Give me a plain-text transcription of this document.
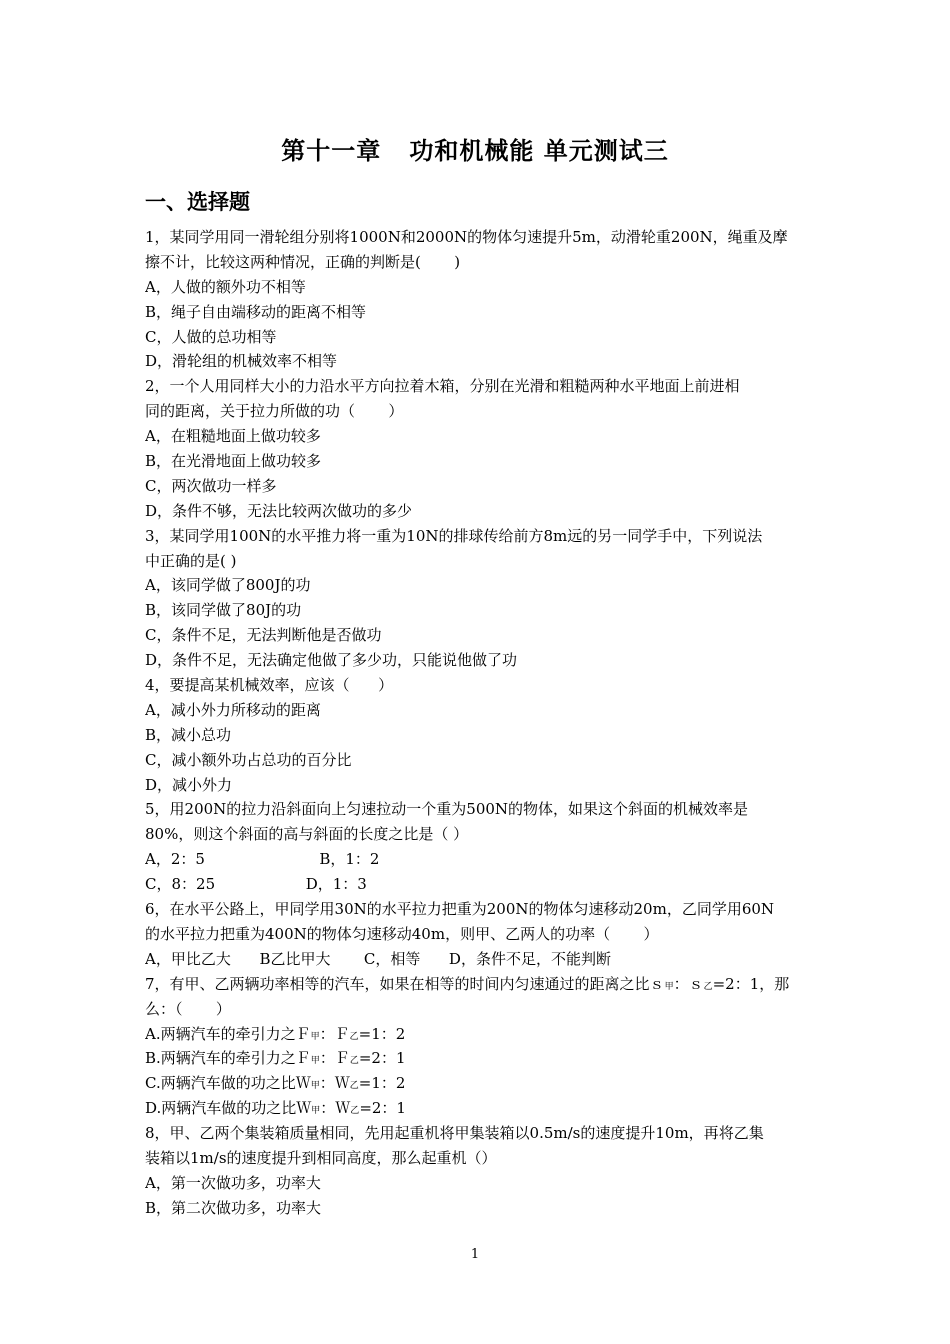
第十一章   功和机械能 单元测试三
一、选择题
1，某同学用同一滑轮组分别将1000N和2000N的物体匀速提升5m，动滑轮重200N，绳重及摩
擦不计，比较这两种情况，正确的判断是(       )
A，人做的额外功不相等
B，绳子自由端移动的距离不相等
C，人做的总功相等
D，滑轮组的机械效率不相等
2，一个人用同样大小的力沿水平方向拉着木箱，分别在光滑和粗糙两种水平地面上前进相
同的距离，关于拉力所做的功（       ）
A，在粗糙地面上做功较多
B，在光滑地面上做功较多
C，两次做功一样多
D，条件不够，无法比较两次做功的多少
3，某同学用100N的水平推力将一重为10N的排球传给前方8m远的另一同学手中，下列说法
中正确的是( )
A，该同学做了800J的功
B，该同学做了80J的功
C，条件不足，无法判断他是否做功
D，条件不足，无法确定他做了多少功，只能说他做了功
4，要提高某机械效率，应该（      ）
A，减小外力所移动的距离
B，减小总功
C，减小额外功占总功的百分比
D，减小外力
5，用200N的拉力沿斜面向上匀速拉动一个重为500N的物体，如果这个斜面的机械效率是
80%，则这个斜面的高与斜面的长度之比是（ ）
A，2：5                        B，1：2
C，8：25                   D，1：3
6，在水平公路上，甲同学用30N的水平拉力把重为200N的物体匀速移动20m，乙同学用60N
的水平拉力把重为400N的物体匀速移动40m，则甲、乙两人的功率（       ）
A，甲比乙大      B乙比甲大       C，相等      D，条件不足，不能判断
7，有甲、乙两辆功率相等的汽车，如果在相等的时间内匀速通过的距离之比ｓ甲：ｓ乙=2：1，那
么：（       ）
A.两辆汽车的牵引力之Ｆ甲：Ｆ乙=1：2
B.两辆汽车的牵引力之Ｆ甲：Ｆ乙=2：1
C.两辆汽车做的功之比Ｗ甲：Ｗ乙=1：2
D.两辆汽车做的功之比Ｗ甲：Ｗ乙=2：1
8，甲、乙两个集装箱质量相同，先用起重机将甲集装箱以0.5m/s的速度提升10m，再将乙集
装箱以1m/s的速度提升到相同高度，那么起重机（）
A，第一次做功多，功率大
B，第二次做功多，功率大
1
